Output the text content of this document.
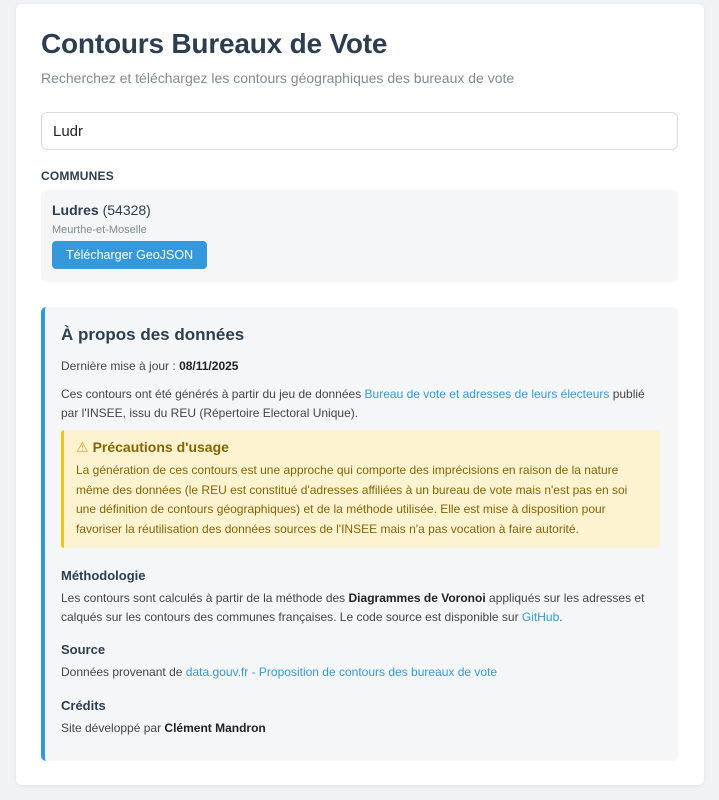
Contours Bureaux de Vote
Recherchez et téléchargez les contours géographiques des bureaux de vote
Ludr
COMMUNES
Ludres (54328)
Meurthe-et-Moselle
Télécharger GeoJSON
À propos des données
Dernière mise à jour : 08/11/2025
Ces contours ont été générés à partir du jeu de données Bureau de vote et adresses de leurs électeurs publié
par l'INSEE, issu du REU (Répertoire Electoral Unique).
⚠ Précautions d'usage
La génération de ces contours est une approche qui comporte des imprécisions en raison de la nature
même des données (le REU est constitué d'adresses affiliées à un bureau de vote mais n'est pas en soi
une définition de contours géographiques) et de la méthode utilisée. Elle est mise à disposition pour
favoriser la réutilisation des données sources de l'INSEE mais n'a pas vocation à faire autorité.
Méthodologie
Les contours sont calculés à partir de la méthode des Diagrammes de Voronoi appliqués sur les adresses et
calqués sur les contours des communes françaises. Le code source est disponible sur GitHub.
Source
Données provenant de data.gouv.fr - Proposition de contours des bureaux de vote
Crédits
Site développé par Clément Mandron
